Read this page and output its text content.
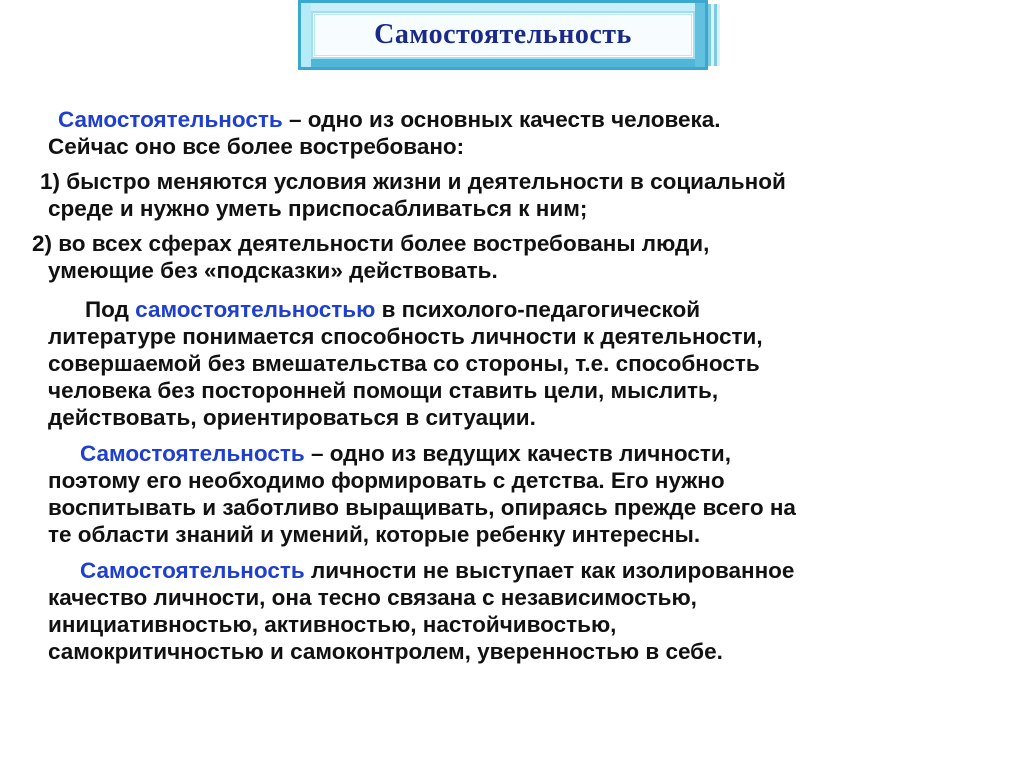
Самостоятельность

Самостоятельность – одно из основных качеств человека.
Сейчас оно все более востребовано:

1) быстро меняются условия жизни и деятельности в социальной
среде и нужно уметь приспосабливаться к ним;

2) во всех сферах деятельности более востребованы люди,
умеющие без «подсказки» действовать.

Под самостоятельностью в психолого-педагогической
литературе понимается способность личности к деятельности,
совершаемой без вмешательства со стороны, т.е. способность
человека без посторонней помощи ставить цели, мыслить,
действовать, ориентироваться в ситуации.

Самостоятельность – одно из ведущих качеств личности,
поэтому его необходимо формировать с детства. Его нужно
воспитывать и заботливо выращивать, опираясь прежде всего на
те области знаний и умений, которые ребенку интересны.

Самостоятельность личности не выступает как изолированное
качество личности, она тесно связана с независимостью,
инициативностью, активностью, настойчивостью,
самокритичностью и самоконтролем, уверенностью в себе.
